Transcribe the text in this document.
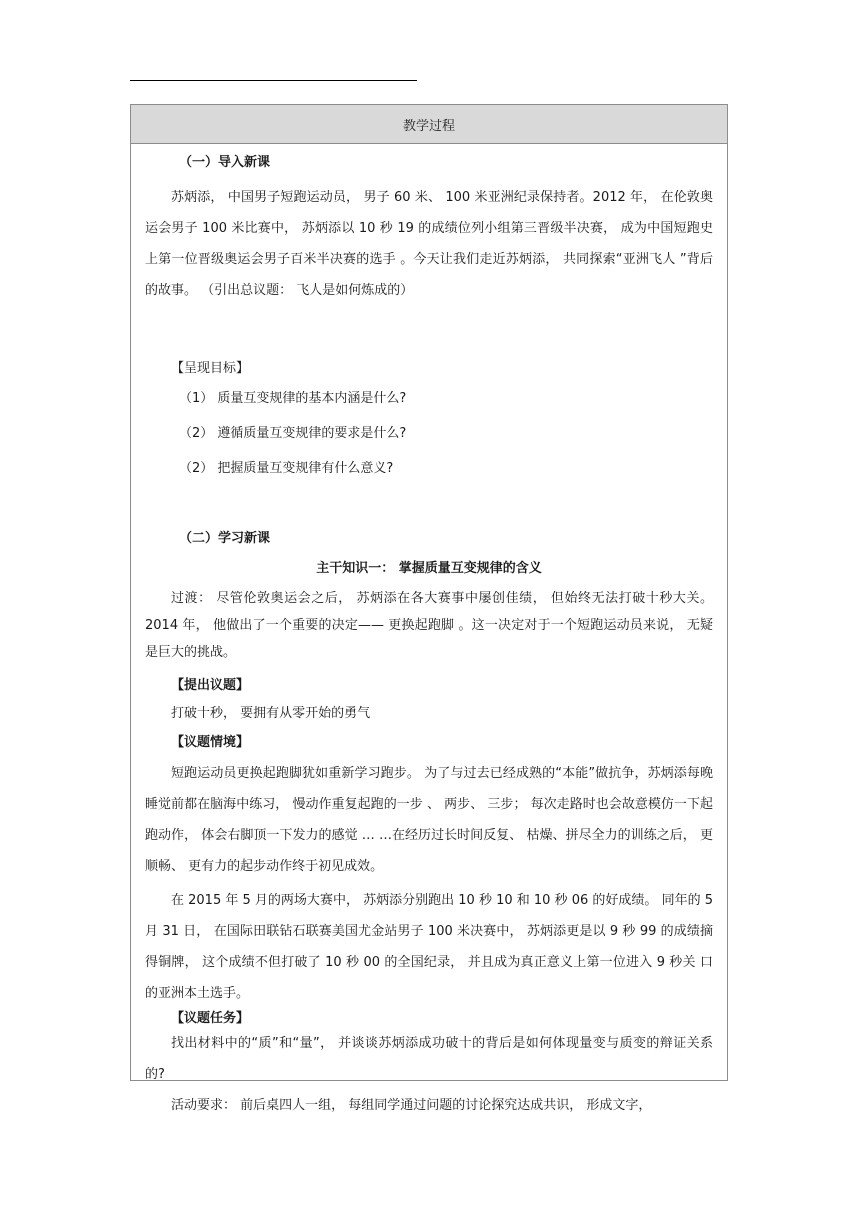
教学过程
（一）导入新课

苏炳添， 中国男子短跑运动员， 男子 60 米、 100 米亚洲纪录保持者。2012 年， 在伦敦奥运会男子 100 米比赛中， 苏炳添以 10 秒 19 的成绩位列小组第三晋级半决赛， 成为中国短跑史上第一位晋级奥运会男子百米半决赛的选手 。今天让我们走近苏炳添， 共同探索“亚洲飞人 ”背后的故事。 （引出总议题： 飞人是如何炼成的）

【呈现目标】
（1） 质量互变规律的基本内涵是什么?
（2） 遵循质量互变规律的要求是什么?
（2） 把握质量互变规律有什么意义?
（二）学习新课
主干知识一： 掌握质量互变规律的含义

过渡： 尽管伦敦奥运会之后， 苏炳添在各大赛事中屡创佳绩， 但始终无法打破十秒大关。 2014 年， 他做出了一个重要的决定—— 更换起跑脚 。这一决定对于一个短跑运动员来说， 无疑是巨大的挑战。

【提出议题】
打破十秒， 要拥有从零开始的勇气
【议题情境】

短跑运动员更换起跑脚犹如重新学习跑步。 为了与过去已经成熟的“本能”做抗争，苏炳添每晚睡觉前都在脑海中练习， 慢动作重复起跑的一步 、 两步、 三步； 每次走路时也会故意模仿一下起跑动作， 体会右脚顶一下发力的感觉 … …在经历过长时间反复、 枯燥、拼尽全力的训练之后， 更顺畅、 更有力的起步动作终于初见成效。

在 2015 年 5 月的两场大赛中， 苏炳添分别跑出 10 秒 10 和 10 秒 06 的好成绩。 同年的 5 月 31 日， 在国际田联钻石联赛美国尤金站男子 100 米决赛中， 苏炳添更是以 9 秒 99 的成绩摘得铜牌， 这个成绩不但打破了 10 秒 00 的全国纪录， 并且成为真正意义上第一位进入 9 秒关 口的亚洲本土选手。

【议题任务】

找出材料中的“质”和“量”， 并谈谈苏炳添成功破十的背后是如何体现量变与质变的辩证关系的?

活动要求： 前后桌四人一组， 每组同学通过问题的讨论探究达成共识， 形成文字，
